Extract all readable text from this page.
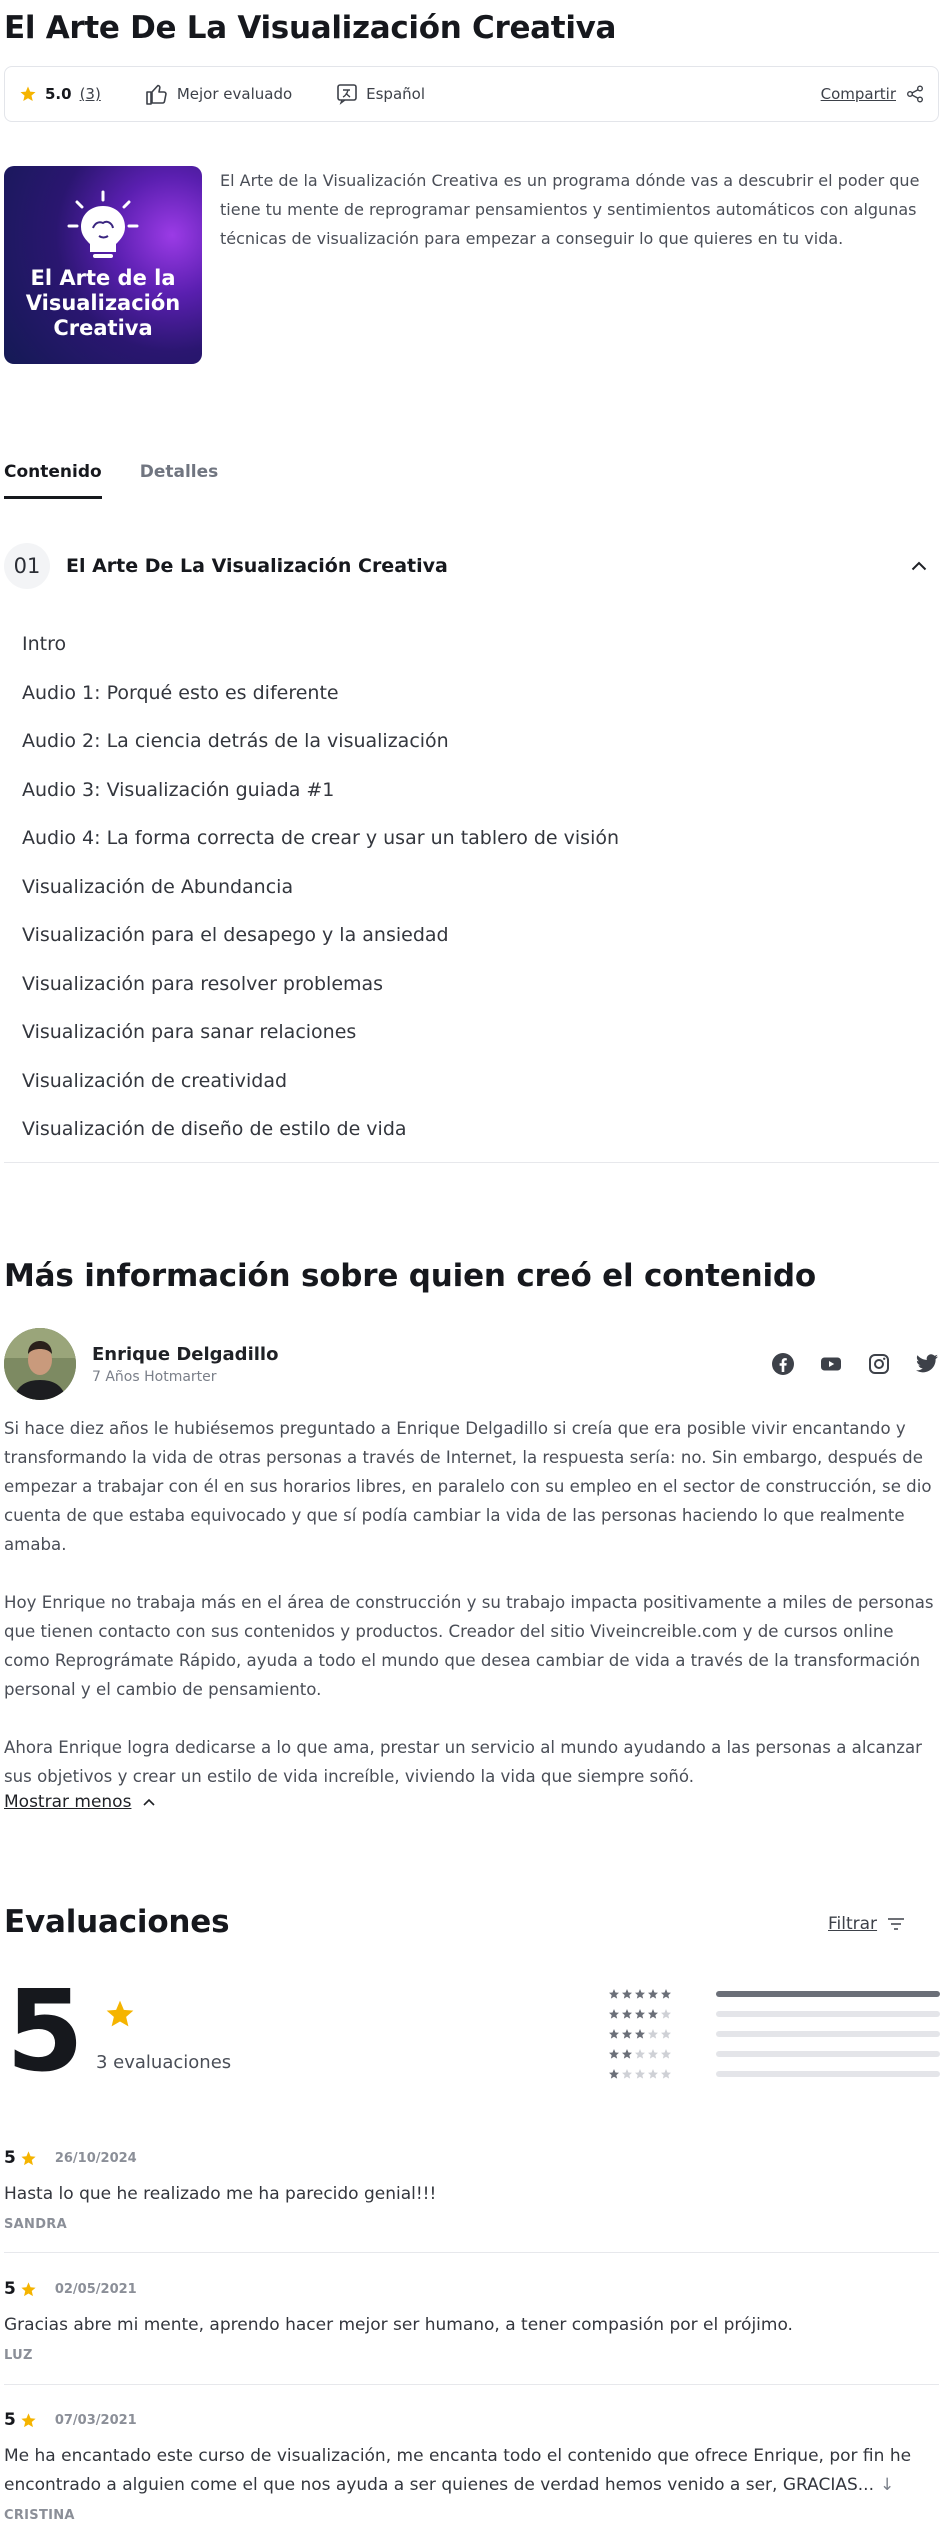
El Arte De La Visualización Creativa
5.0 (3)	Mejor evaluado	Español	Compartir
El Arte de la Visualización Creativa

El Arte de la Visualización Creativa es un programa dónde vas a descubrir el poder que tiene tu mente de reprogramar pensamientos y sentimientos automáticos con algunas técnicas de visualización para empezar a conseguir lo que quieres en tu vida.

Contenido Detalles
01	El Arte De La Visualización Creativa
Intro
Audio 1: Porqué esto es diferente
Audio 2: La ciencia detrás de la visualización
Audio 3: Visualización guiada #1
Audio 4: La forma correcta de crear y usar un tablero de visión
Visualización de Abundancia
Visualización para el desapego y la ansiedad
Visualización para resolver problemas
Visualización para sanar relaciones
Visualización de creatividad
Visualización de diseño de estilo de vida
Más información sobre quien creó el contenido
Enrique Delgadillo
7 Años Hotmarter

Si hace diez años le hubiésemos preguntado a Enrique Delgadillo si creía que era posible vivir encantando y transformando la vida de otras personas a través de Internet, la respuesta sería: no. Sin embargo, después de empezar a trabajar con él en sus horarios libres, en paralelo con su empleo en el sector de construcción, se dio cuenta de que estaba equivocado y que sí podía cambiar la vida de las personas haciendo lo que realmente amaba.

Hoy Enrique no trabaja más en el área de construcción y su trabajo impacta positivamente a miles de personas que tienen contacto con sus contenidos y productos. Creador del sitio Viveincreible.com y de cursos online como Reprográmate Rápido, ayuda a todo el mundo que desea cambiar de vida a través de la transformación personal y el cambio de pensamiento.

Ahora Enrique logra dedicarse a lo que ama, prestar un servicio al mundo ayudando a las personas a alcanzar sus objetivos y crear un estilo de vida increíble, viviendo la vida que siempre soñó.

Mostrar menos
Evaluaciones	Filtrar
5 3 evaluaciones
5	26/10/2024
Hasta lo que he realizado me ha parecido genial!!!
SANDRA
5	02/05/2021
Gracias abre mi mente, aprendo hacer mejor ser humano, a tener compasión por el prójimo.
LUZ
5	07/03/2021
Me ha encantado este curso de visualización, me encanta todo el contenido que ofrece Enrique, por fin he encontrado a alguien come el que nos ayuda a ser quienes de verdad hemos venido a ser, GRACIAS... ↓
CRISTINA
